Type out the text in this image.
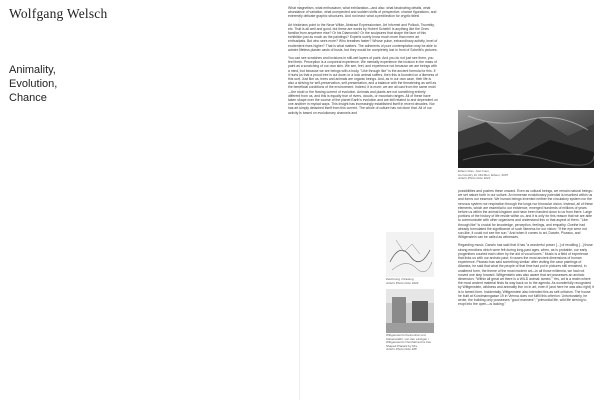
Wolfgang Welsch
Animality,
Evolution,
Chance

What magnetism, what enthusiasm, what exhilaration—and also: what fascinating details, what abundance of variation, what unexpected and sudden shifts of perspective, chance figurations, and extremely delicate graphic structures. And not least: what a predilection for cryptic titles!

Art historians point to the Neue Wilde, Abstract Expressionism, Art Informel and Pollock, Twombly, etc. That is all well and good, but these are works by Hubert Scheibl! Is anything like the Ones familiar from anywhere else? Or his Diamonds? Or the sculptures that shape the face of this exhibition just as much as the paintings? Experts surely know much more than mere art enthusiasts. But who sees more? Who breathes faster? Whose pulse, extraordinary activity, level of excitement rises higher? That is what matters. The adherents of pure contemplation may be able to admire lifeless plaster casts of busts, but they would be completely lost in front of Scheibl's pictures.

You can see scratches and incisions in still-wet layers of paint. And you do not just see them, you feel them. Perception is a corporeal experience. We mentally experience the incision in the mass of paint as a scratching of our own skin. We see, feel, and experience not because we are beings with a mind, but because we are beings with a body. "Like through like" is the ancient formula for this. If it hurts us that a proud tree is cut down or a lock animal suffers, then this is founded on a likeness of this sort. Just like us, trees and animals are organic beings. And, as in our own case, their life is also a striving for self-preservation, self-presentation, and a balance with the threatening as well as the beneficial conditions of the environment. Indeed, it is more: we are all cast from the same mold—the mold or the flowing current of evolution. Animals and plants are not something entirely different from us, and this is equally true of rivers, clouds, or mountain ranges. All of these have taken shape over the course of the planet Earth's evolution and are still related to and dependent on one another in myriad ways. This insight has increasingly established itself in recent decades. Nor has art simply detached itself from this current. The whole of culture has not done that. All of our activity is based on evolutionary channels and

Ethem Clan, Jost Cnen,
Au Country for Old Men, Ethem, 2007
Artist's Photo Note 3222
Zeichnung / Drawing
Artist's Photo Note 3333
Wittgenstein's Kieinenhar und Kaisenwaldz, von den einzigen / Wittgenstein's Overhall and a Cat-Shaped Placard by Mrs
Artist's Photo Note 188

possibilities and pushes these onward. Even as cultural beings, we remain natural beings: we set nature forth in our culture. An immense evolutionary potential is inscribed within us and forms our essence. We human beings invented neither the circulatory system nor the nervous system nor respiration through the lungs nor binocular vision. Instead, all of these elements, which are essential to our existence, emerged hundreds of millions of years before us within the animal kingdom and have been handed down to us from there. Large portions of the history of life reside within us, and it is only for this reason that we are able to communicate with other organisms and understand this or that aspect of them. "Like through like" is crucial for knowledge, perception, feelings, and empathy. Goethe had already formulated the significance of such likeness for our vision: "If the eye were not sun-like, it could not see the sun." And when it comes to art, Darwin, Picasso, and Wittgenstein can be called as witnesses.

Regarding music, Darwin has said that it has "a wonderful power [...] of recalling [...] those strong emotions which were felt during long-past ages, when, as is probable, our early progenitors courted each other by the aid of vocal tones." Music is a field of experience that links us with our archaic past; it rouses the most ancient dimensions of human experience. Picasso has said something similar: after visiting the cave paintings of Altamira, he said that what the people of that time had put in pictures still remained, in unaltered form, the theme of the most modern art—in all those millennia, we had not moved one step forward. Wittgenstein was also aware that art possesses an archaic dimension: "Within all great art there is a WILD animal: tamed." Yes, art is a realm where the most ancient material finds its way back on to the agenda. As wonderfully recognized by Wittgenstein, wildness and animality live on in art, even if (and here he was also right) it is in tamed form. Incidentally, Wittgenstein also intended this as self-criticism. The house he built at Kundmanngasse 19 in Vienna does not fulfill this criterion. Unfortunately, he wrote, the building only possesses "good manners"; "primordial life, wild life striving to erupt into the open—is lacking."
